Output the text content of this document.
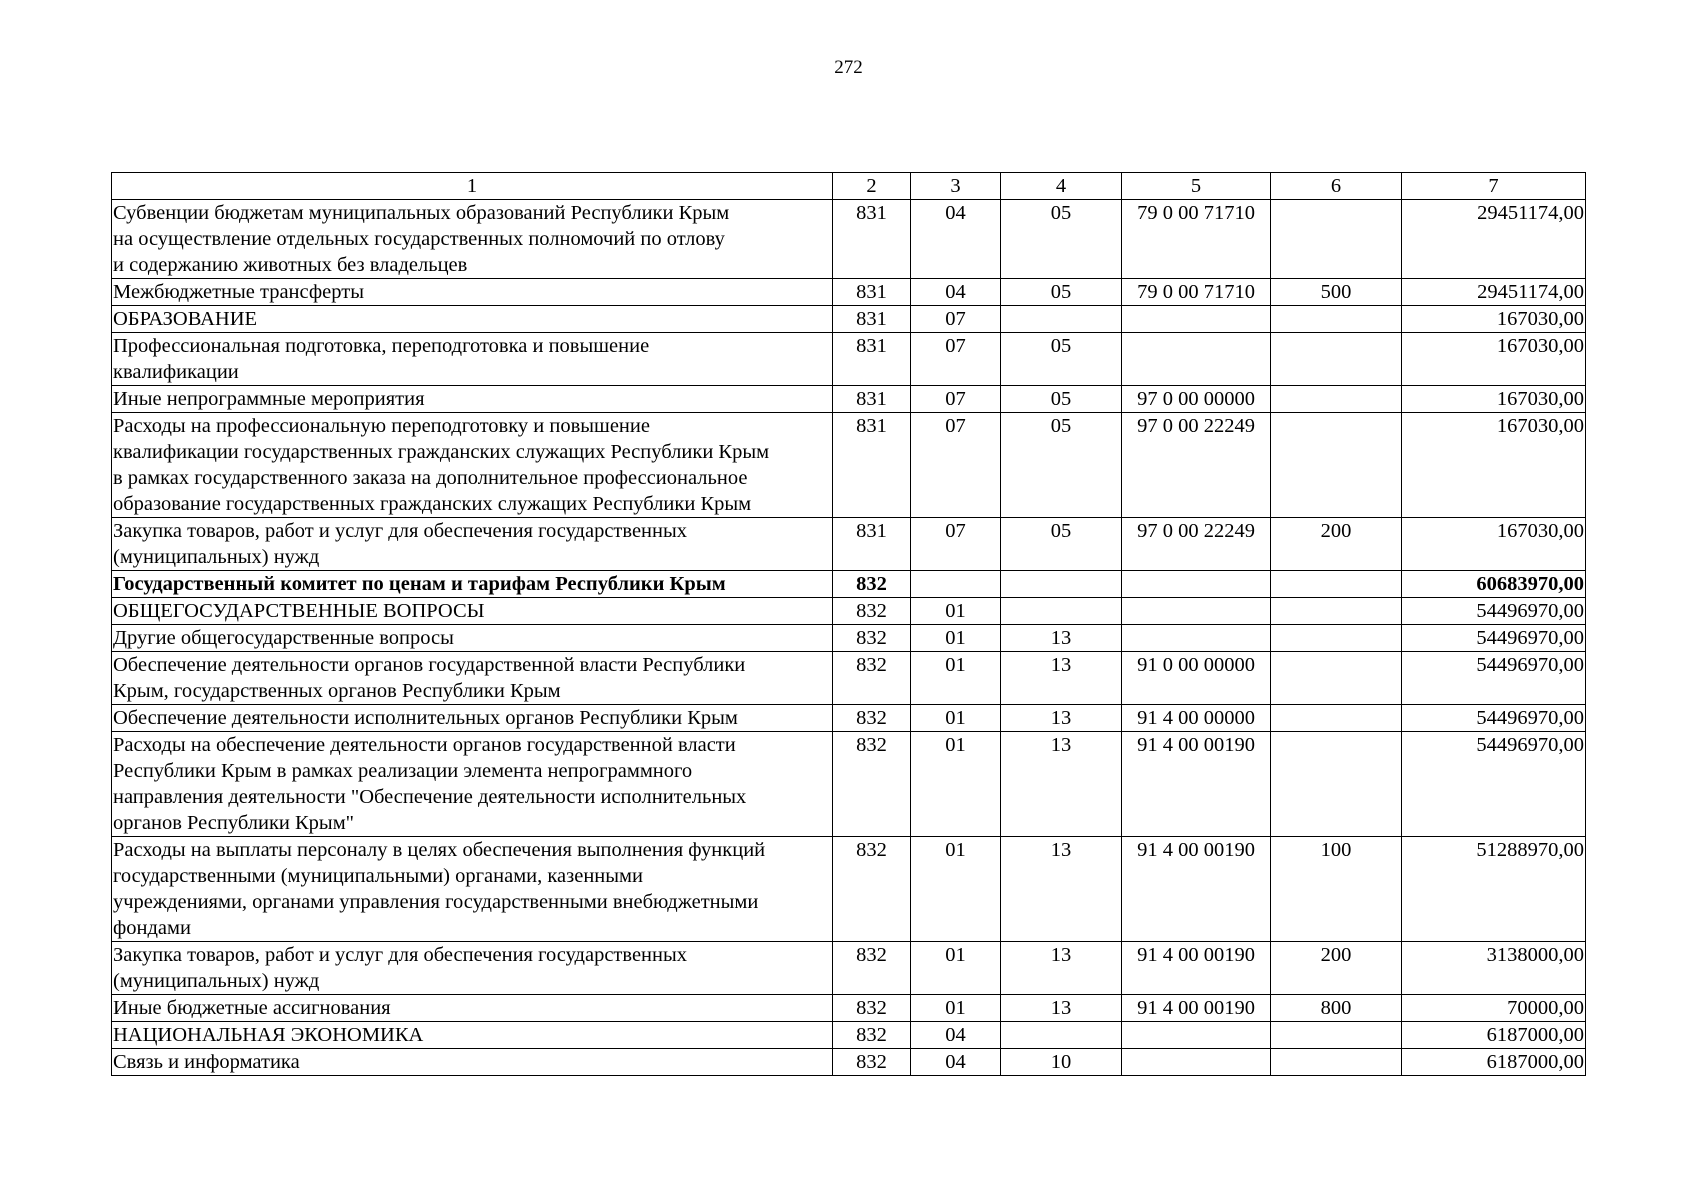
272
1	2	3	4	5	6	7
Субвенции бюджетам муниципальных образований Республики Крым
на осуществление отдельных государственных полномочий по отлову
и содержанию животных без владельцев	831	04	05	79 0 00 71710		29451174,00
Межбюджетные трансферты	831	04	05	79 0 00 71710	500	29451174,00
ОБРАЗОВАНИЕ	831	07				167030,00
Профессиональная подготовка, переподготовка и повышение
квалификации	831	07	05			167030,00
Иные непрограммные мероприятия	831	07	05	97 0 00 00000		167030,00
Расходы на профессиональную переподготовку и повышение
квалификации государственных гражданских служащих Республики Крым
в рамках государственного заказа на дополнительное профессиональное
образование государственных гражданских служащих Республики Крым	831	07	05	97 0 00 22249		167030,00
Закупка товаров, работ и услуг для обеспечения государственных
(муниципальных) нужд	831	07	05	97 0 00 22249	200	167030,00
Государственный комитет по ценам и тарифам Республики Крым	832					60683970,00
ОБЩЕГОСУДАРСТВЕННЫЕ ВОПРОСЫ	832	01				54496970,00
Другие общегосударственные вопросы	832	01	13			54496970,00
Обеспечение деятельности органов государственной власти Республики
Крым, государственных органов Республики Крым	832	01	13	91 0 00 00000		54496970,00
Обеспечение деятельности исполнительных органов Республики Крым	832	01	13	91 4 00 00000		54496970,00
Расходы на обеспечение деятельности органов государственной власти
Республики Крым в рамках реализации элемента непрограммного
направления деятельности "Обеспечение деятельности исполнительных
органов Республики Крым"	832	01	13	91 4 00 00190		54496970,00
Расходы на выплаты персоналу в целях обеспечения выполнения функций
государственными (муниципальными) органами, казенными
учреждениями, органами управления государственными внебюджетными
фондами	832	01	13	91 4 00 00190	100	51288970,00
Закупка товаров, работ и услуг для обеспечения государственных
(муниципальных) нужд	832	01	13	91 4 00 00190	200	3138000,00
Иные бюджетные ассигнования	832	01	13	91 4 00 00190	800	70000,00
НАЦИОНАЛЬНАЯ ЭКОНОМИКА	832	04				6187000,00
Связь и информатика	832	04	10			6187000,00
